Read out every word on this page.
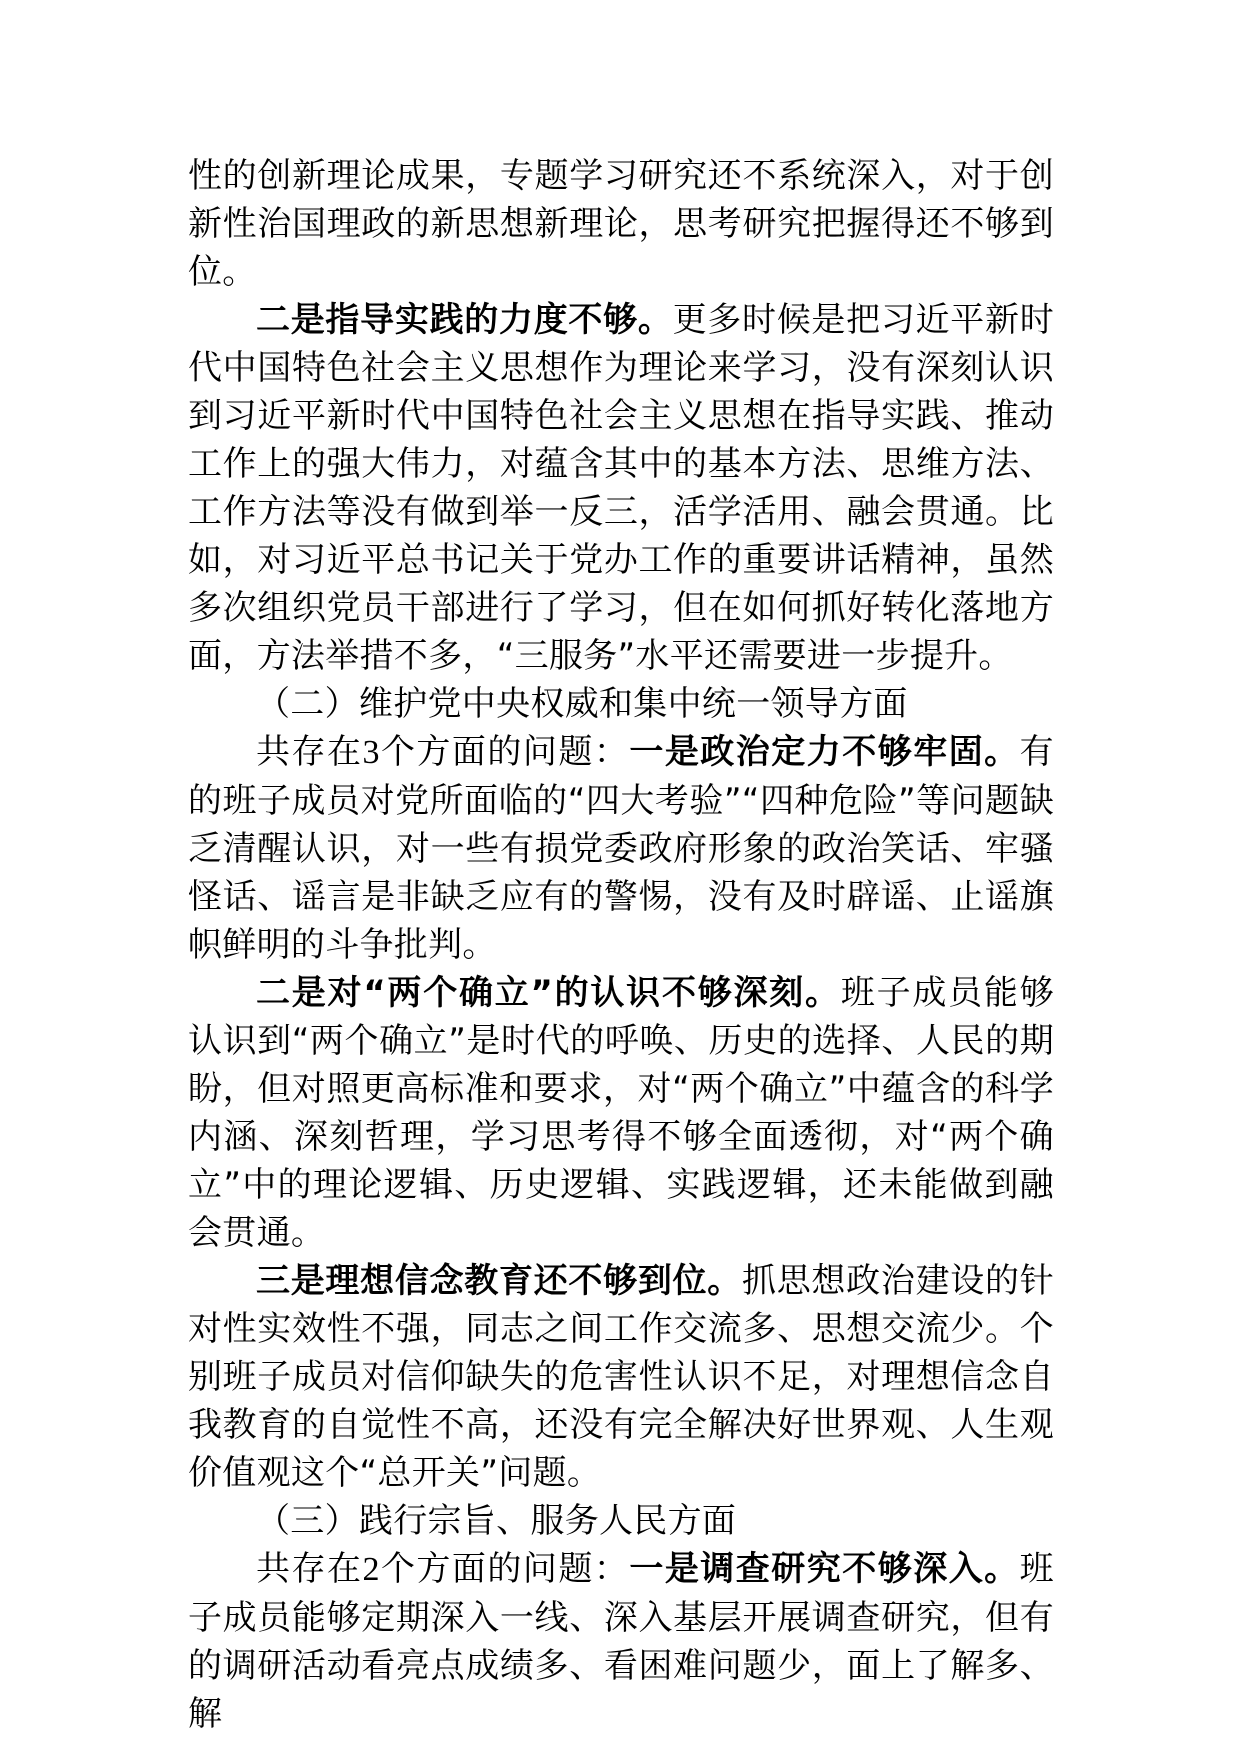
性的创新理论成果，专题学习研究还不系统深入，对于创新性治国理政的新思想新理论，思考研究把握得还不够到位。

二是指导实践的力度不够。更多时候是把习近平新时代中国特色社会主义思想作为理论来学习，没有深刻认识到习近平新时代中国特色社会主义思想在指导实践、推动工作上的强大伟力，对蕴含其中的基本方法、思维方法、工作方法等没有做到举一反三，活学活用、融会贯通。比如，对习近平总书记关于党办工作的重要讲话精神，虽然多次组织党员干部进行了学习，但在如何抓好转化落地方面，方法举措不多，“三服务”水平还需要进一步提升。

（二）维护党中央权威和集中统一领导方面

共存在3个方面的问题：一是政治定力不够牢固。有的班子成员对党所面临的“四大考验”“四种危险”等问题缺乏清醒认识，对一些有损党委政府形象的政治笑话、牢骚怪话、谣言是非缺乏应有的警惕，没有及时辟谣、止谣旗帜鲜明的斗争批判。

二是对“两个确立”的认识不够深刻。班子成员能够认识到“两个确立”是时代的呼唤、历史的选择、人民的期盼，但对照更高标准和要求，对“两个确立”中蕴含的科学内涵、深刻哲理，学习思考得不够全面透彻，对“两个确立”中的理论逻辑、历史逻辑、实践逻辑，还未能做到融会贯通。

三是理想信念教育还不够到位。抓思想政治建设的针对性实效性不强，同志之间工作交流多、思想交流少。个别班子成员对信仰缺失的危害性认识不足，对理想信念自我教育的自觉性不高，还没有完全解决好世界观、人生观价值观这个“总开关”问题。

（三）践行宗旨、服务人民方面

共存在2个方面的问题：一是调查研究不够深入。班子成员能够定期深入一线、深入基层开展调查研究，但有的调研活动看亮点成绩多、看困难问题少，面上了解多、解
